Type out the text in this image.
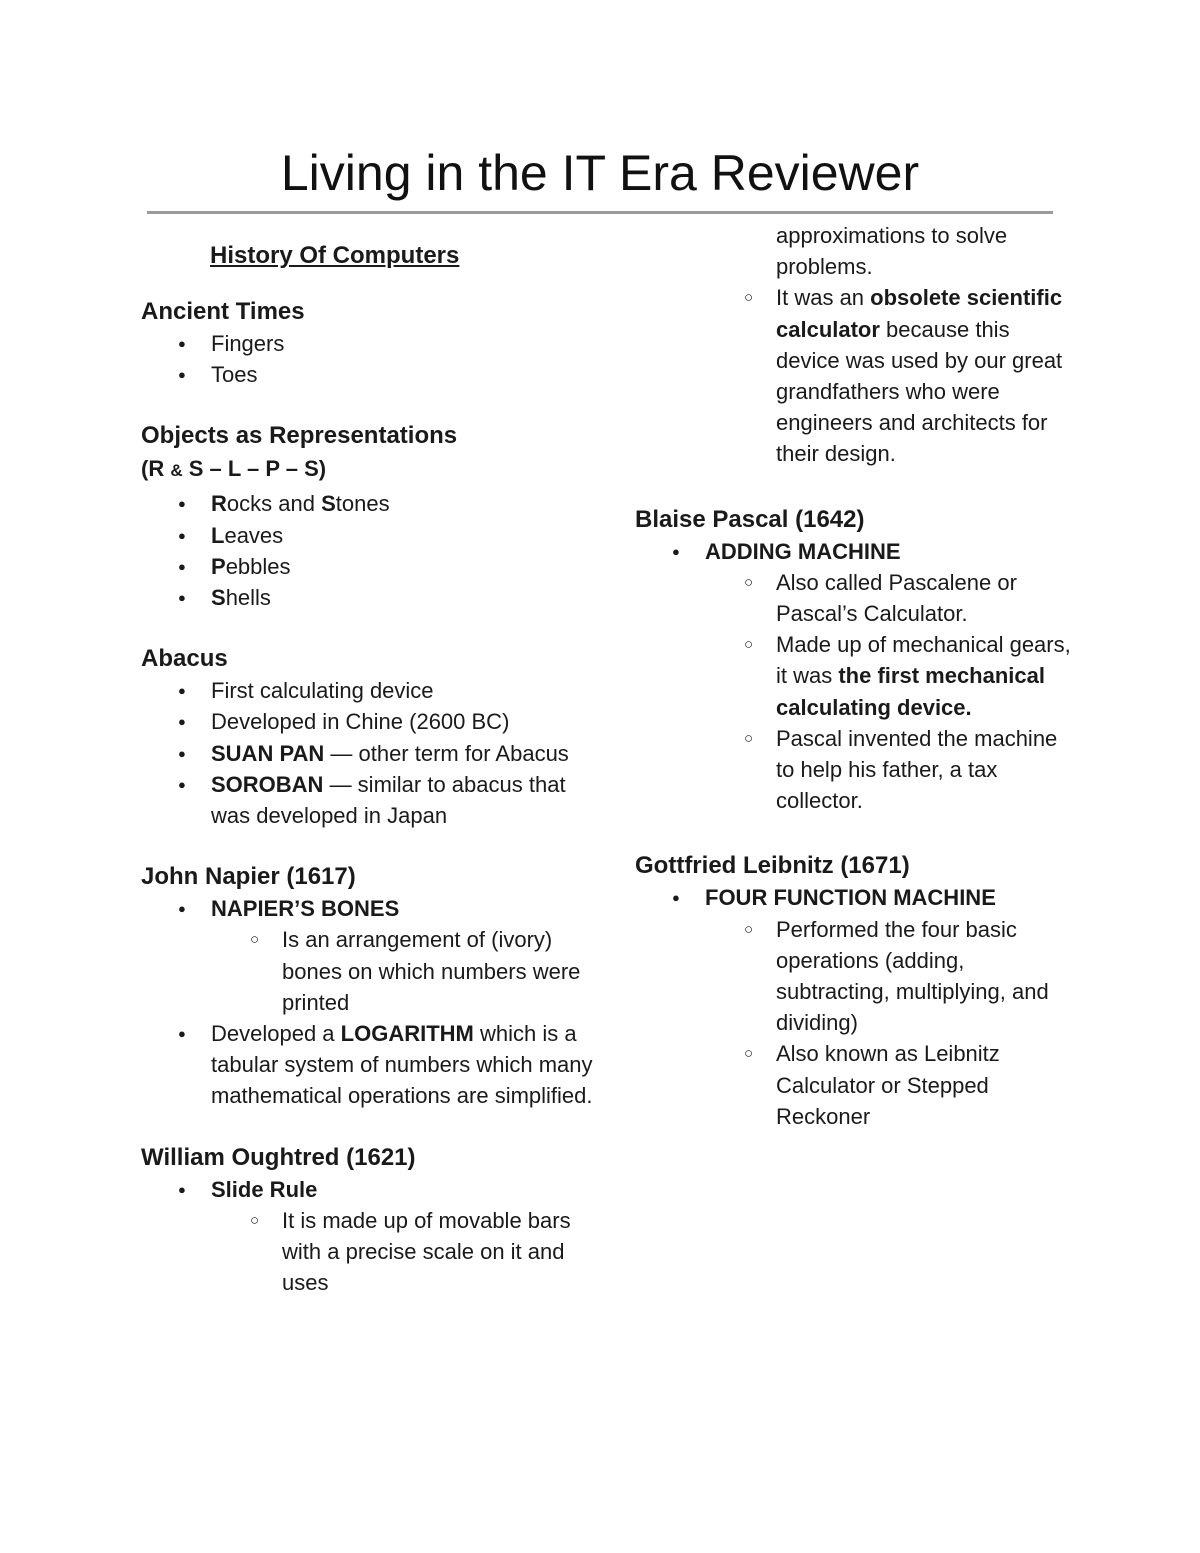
Living in the IT Era Reviewer
History Of Computers
Ancient Times
● Fingers
● Toes
Objects as Representations
(R & S – L – P – S)
● Rocks and Stones
● Leaves
● Pebbles
● Shells
Abacus
● First calculating device
● Developed in Chine (2600 BC)
● SUAN PAN — other term for Abacus
● SOROBAN — similar to abacus that was developed in Japan
John Napier (1617)
● NAPIER’S BONES
○ Is an arrangement of (ivory) bones on which numbers were printed
● Developed a LOGARITHM which is a tabular system of numbers which many mathematical operations are simplified.
William Oughtred (1621)
● Slide Rule
○ It is made up of movable bars with a precise scale on it and uses
approximations to solve problems.
○ It was an obsolete scientific calculator because this device was used by our great grandfathers who were engineers and architects for their design.
Blaise Pascal (1642)
● ADDING MACHINE
○ Also called Pascalene or Pascal’s Calculator.
○ Made up of mechanical gears, it was the first mechanical calculating device.
○ Pascal invented the machine to help his father, a tax collector.
Gottfried Leibnitz (1671)
● FOUR FUNCTION MACHINE
○ Performed the four basic operations (adding, subtracting, multiplying, and dividing)
○ Also known as Leibnitz Calculator or Stepped Reckoner
